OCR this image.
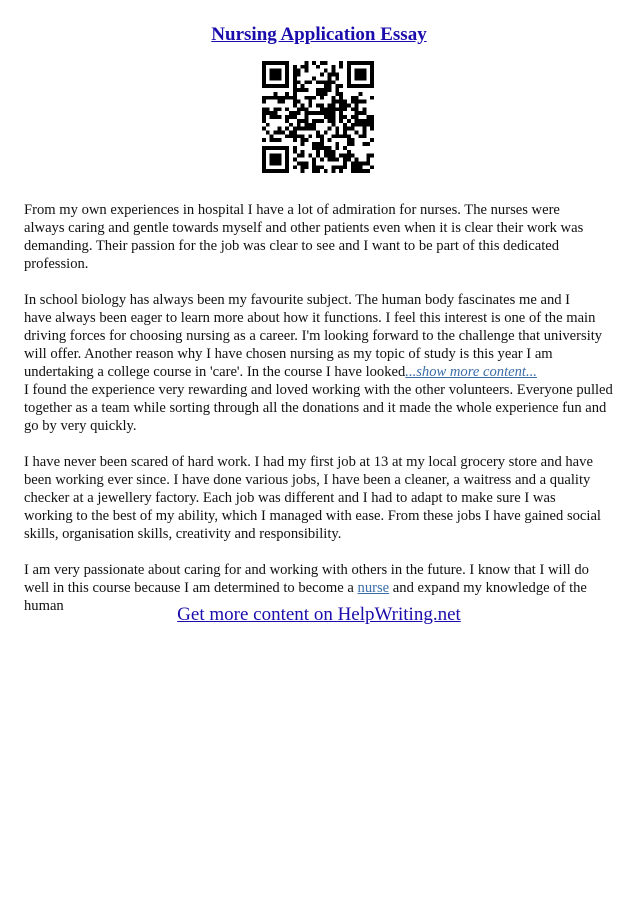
Nursing Application Essay

From my own experiences in hospital I have a lot of admiration for nurses. The nurses were
always caring and gentle towards myself and other patients even when it is clear their work was
demanding. Their passion for the job was clear to see and I want to be part of this dedicated
profession.

In school biology has always been my favourite subject. The human body fascinates me and I
have always been eager to learn more about how it functions. I feel this interest is one of the main
driving forces for choosing nursing as a career. I'm looking forward to the challenge that university
will offer. Another reason why I have chosen nursing as my topic of study is this year I am
undertaking a college course in 'care'. In the course I have looked...show more content...
I found the experience very rewarding and loved working with the other volunteers. Everyone pulled
together as a team while sorting through all the donations and it made the whole experience fun and
go by very quickly.

I have never been scared of hard work. I had my first job at 13 at my local grocery store and have
been working ever since. I have done various jobs, I have been a cleaner, a waitress and a quality
checker at a jewellery factory. Each job was different and I had to adapt to make sure I was
working to the best of my ability, which I managed with ease. From these jobs I have gained social
skills, organisation skills, creativity and responsibility.

I am very passionate about caring for and working with others in the future. I know that I will do
well in this course because I am determined to become a nurse and expand my knowledge of the
human	Get more content on HelpWriting.net
